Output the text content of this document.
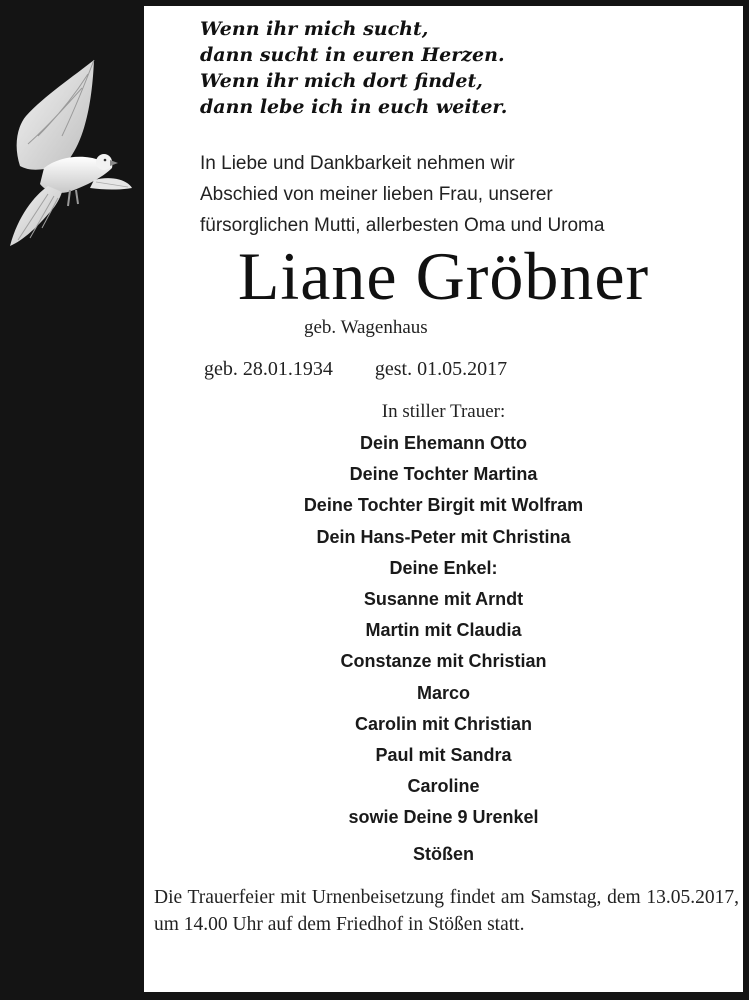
Wenn ihr mich sucht,
dann sucht in euren Herzen.
Wenn ihr mich dort findet,
dann lebe ich in euch weiter.
In Liebe und Dankbarkeit nehmen wir
Abschied von meiner lieben Frau, unserer
fürsorglichen Mutti, allerbesten Oma und Uroma
Liane Gröbner
geb. Wagenhaus
geb. 28.01.1934 gest. 01.05.2017
In stiller Trauer:
Dein Ehemann Otto
Deine Tochter Martina
Deine Tochter Birgit mit Wolfram
Dein Hans-Peter mit Christina
Deine Enkel:
Susanne mit Arndt
Martin mit Claudia
Constanze mit Christian
Marco
Carolin mit Christian
Paul mit Sandra
Caroline
sowie Deine 9 Urenkel
Stößen
Die Trauerfeier mit Urnenbeisetzung findet am Samstag, dem 13.05.2017, um 14.00 Uhr auf dem Friedhof in Stößen statt.
